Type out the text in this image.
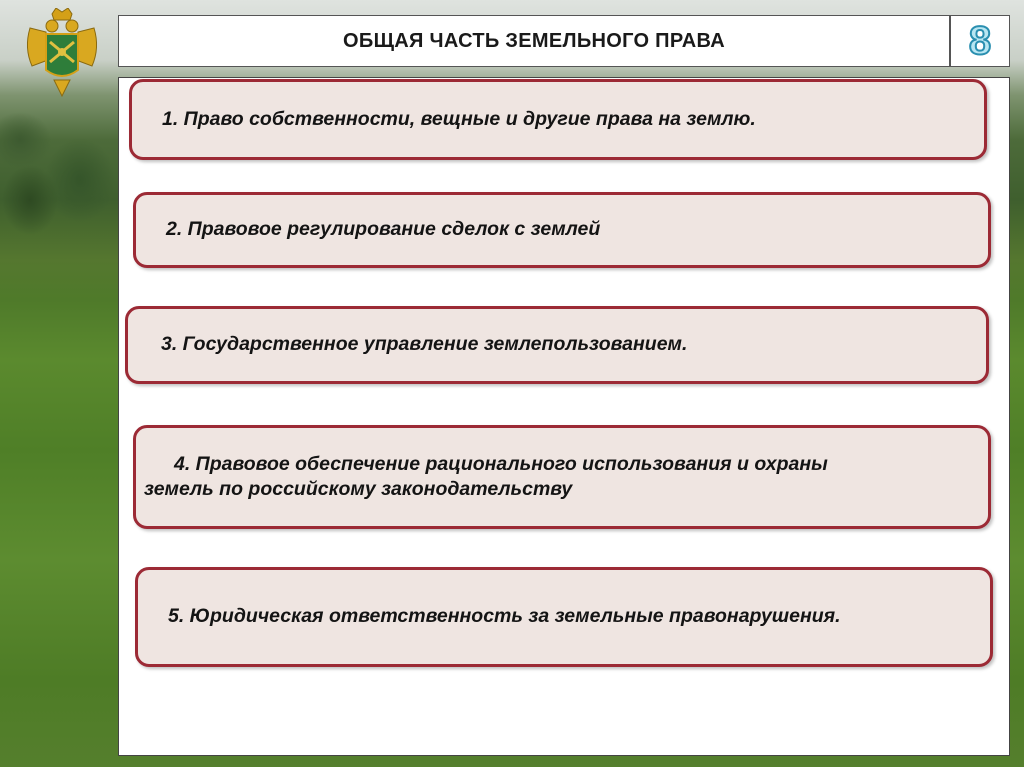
ОБЩАЯ ЧАСТЬ ЗЕМЕЛЬНОГО ПРАВА	8
1. Право собственности, вещные и другие права на землю.
2. Правовое регулирование сделок с землей
3. Государственное управление землепользованием.
4. Правовое обеспечение рационального использования и охраны
земель по российскому законодательству
5. Юридическая ответственность за земельные правонарушения.
